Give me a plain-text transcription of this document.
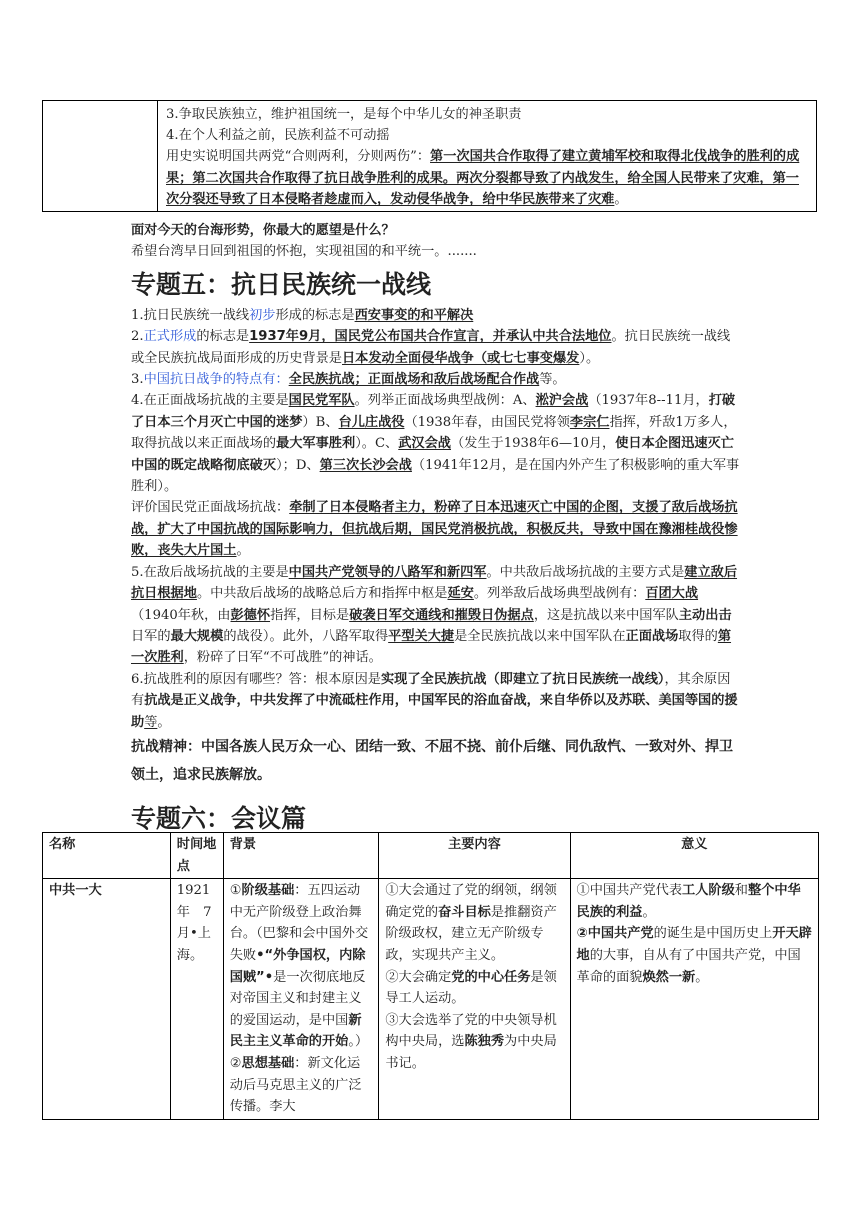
3.争取民族独立，维护祖国统一，是每个中华儿女的神圣职责
4.在个人利益之前，民族利益不可动摇
用史实说明国共两党“合则两利，分则两伤”：第一次国共合作取得了建立黄埔军校和取得北伐战争的胜利的成果；第二次国共合作取得了抗日战争胜利的成果。两次分裂都导致了内战发生，给全国人民带来了灾难，第一次分裂还导致了日本侵略者趁虚而入，发动侵华战争，给中华民族带来了灾难。

面对今天的台海形势，你最大的愿望是什么？

希望台湾早日回到祖国的怀抱，实现祖国的和平统一。.......

专题五：抗日民族统一战线

1.抗日民族统一战线初步形成的标志是西安事变的和平解决

2.正式形成的标志是1937年9月，国民党公布国共合作宣言，并承认中共合法地位。抗日民族统一战线或全民族抗战局面形成的历史背景是日本发动全面侵华战争（或七七事变爆发）。

3.中国抗日战争的特点有：全民族抗战；正面战场和敌后战场配合作战等。

4.在正面战场抗战的主要是国民党军队。列举正面战场典型战例：A、淞沪会战（1937年8--11月，打破了日本三个月灭亡中国的迷梦）B、台儿庄战役（1938年春，由国民党将领李宗仁指挥，歼敌1万多人，取得抗战以来正面战场的最大军事胜利）。C、武汉会战（发生于1938年6—10月，使日本企图迅速灭亡中国的既定战略彻底破灭）；D、第三次长沙会战（1941年12月，是在国内外产生了积极影响的重大军事胜利）。

评价国民党正面战场抗战：牵制了日本侵略者主力，粉碎了日本迅速灭亡中国的企图，支援了敌后战场抗战，扩大了中国抗战的国际影响力，但抗战后期，国民党消极抗战，积极反共，导致中国在豫湘桂战役惨败，丧失大片国土。

5.在敌后战场抗战的主要是中国共产党领导的八路军和新四军。中共敌后战场抗战的主要方式是建立敌后抗日根据地。中共敌后战场的战略总后方和指挥中枢是延安。列举敌后战场典型战例有：百团大战（1940年秋，由彭德怀指挥，目标是破袭日军交通线和摧毁日伪据点，这是抗战以来中国军队主动出击日军的最大规模的战役）。此外，八路军取得平型关大捷是全民族抗战以来中国军队在正面战场取得的第一次胜利，粉碎了日军“不可战胜”的神话。

6.抗战胜利的原因有哪些？答：根本原因是实现了全民族抗战（即建立了抗日民族统一战线），其余原因有抗战是正义战争，中共发挥了中流砥柱作用，中国军民的浴血奋战，来自华侨以及苏联、美国等国的援助等。

抗战精神：中国各族人民万众一心、团结一致、不屈不挠、前仆后继、同仇敌忾、一致对外、捍卫领土，追求民族解放。

专题六：会议篇

名称	时间地点	背景	主要内容	意义
中共一大	1921年　7月•上海。	①阶级基础：五四运动中无产阶级登上政治舞台。（巴黎和会中国外交失败•“外争国权，内除国贼”•是一次彻底地反对帝国主义和封建主义的爱国运动，是中国新民主主义革命的开始。）
②思想基础：新文化运动后马克思主义的广泛传播。李大	①大会通过了党的纲领，纲领确定党的奋斗目标是推翻资产阶级政权，建立无产阶级专政，实现共产主义。
②大会确定党的中心任务是领导工人运动。
③大会选举了党的中央领导机构中央局，选陈独秀为中央局书记。	①中国共产党代表工人阶级和整个中华民族的利益。
②中国共产党的诞生是中国历史上开天辟地的大事，自从有了中国共产党，中国革命的面貌焕然一新。
